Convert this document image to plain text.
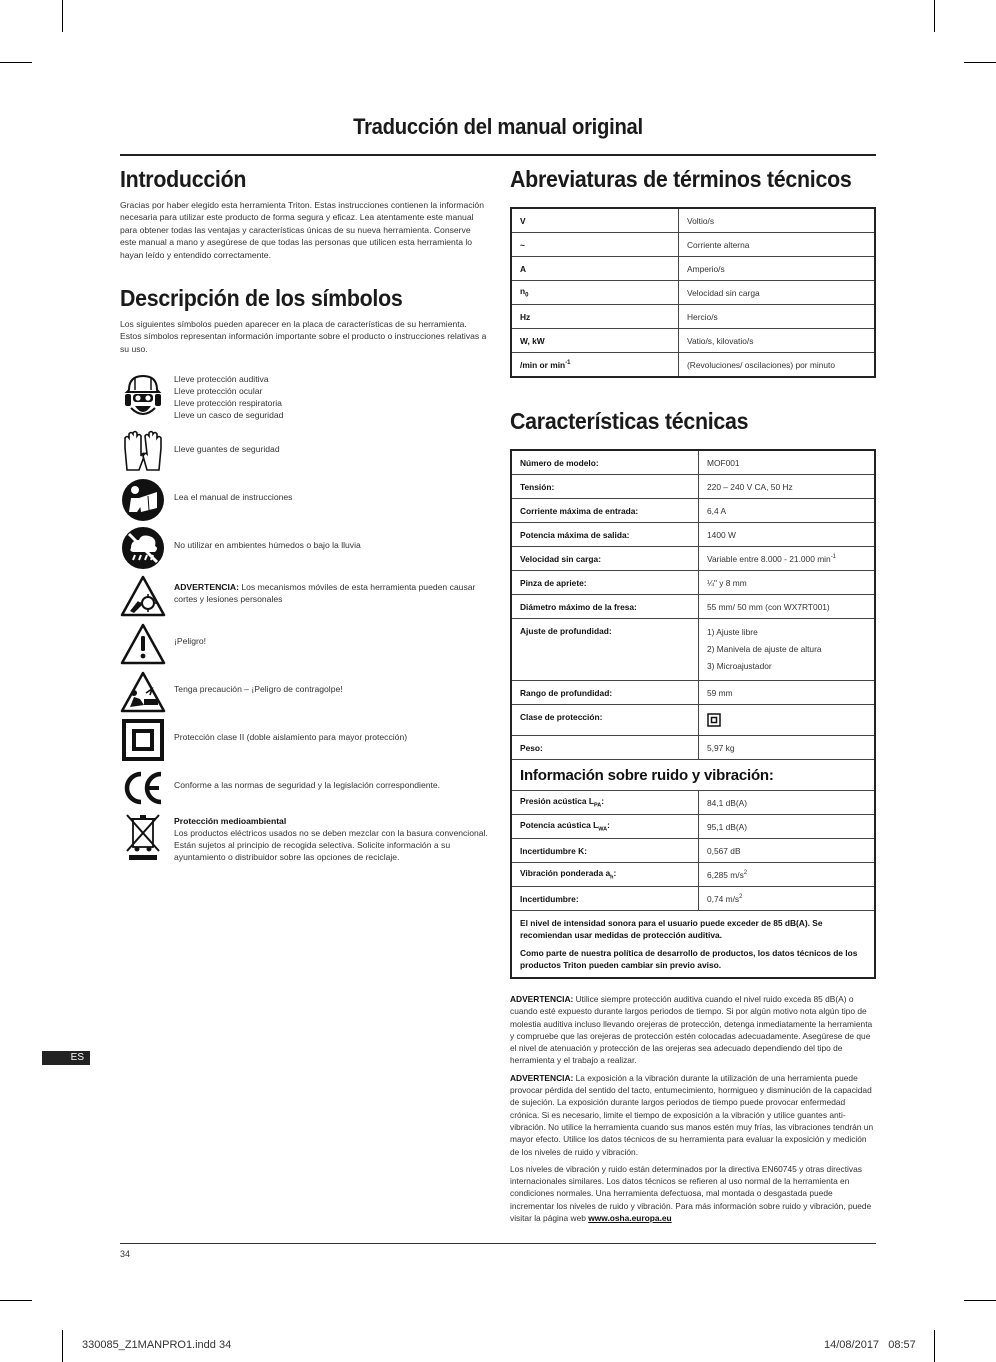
Traducción del manual original
Introducción

Gracias por haber elegido esta herramienta Triton. Estas instrucciones contienen la información necesaria para utilizar este producto de forma segura y eficaz. Lea atentamente este manual para obtener todas las ventajas y características únicas de su nueva herramienta. Conserve este manual a mano y asegúrese de que todas las personas que utilicen esta herramienta lo hayan leído y entendido correctamente.

Descripción de los símbolos

Los siguientes símbolos pueden aparecer en la placa de características de su herramienta. Estos símbolos representan información importante sobre el producto o instrucciones relativas a su uso.

Lleve protección auditiva
Lleve protección ocular
Lleve protección respiratoria
Lleve un casco de seguridad
Lleve guantes de seguridad
Lea el manual de instrucciones
No utilizar en ambientes húmedos o bajo la lluvia
ADVERTENCIA: Los mecanismos móviles de esta herramienta pueden causar cortes y lesiones personales
¡Peligro!
Tenga precaución – ¡Peligro de contragolpe!
Protección clase II (doble aislamiento para mayor protección)
Conforme a las normas de seguridad y la legislación correspondiente.
Protección medioambiental
Los productos eléctricos usados no se deben mezclar con la basura convencional. Están sujetos al principio de recogida selectiva. Solicite información a su ayuntamiento o distribuidor sobre las opciones de reciclaje.
Abreviaturas de términos técnicos
V	Voltio/s
~	Corriente alterna
A	Amperio/s
$n_0$	Velocidad sin carga
Hz	Hercio/s
W, kW	Vatio/s, kilovatio/s
/min or $\min^{-1}$	(Revoluciones/ oscilaciones) por minuto
Características técnicas
Número de modelo:	MOF001
Tensión:	220 – 240 V CA, 50 Hz
Corriente máxima de entrada:	6,4 A
Potencia máxima de salida:	1400 W
Velocidad sin carga:	Variable entre 8.000 - 21.000 $\min^{-1}$
Pinza de apriete:	¼" y 8 mm
Diámetro máximo de la fresa:	55 mm/ 50 mm (con WX7RT001)
Ajuste de profundidad:	1) Ajuste libre
2) Manivela de ajuste de altura
3) Microajustador

Rango de profundidad:	59 mm
Clase de protección:	
Peso:	5,97 kg
Información sobre ruido y vibración:	
Presión acústica $L_{PA}$:	84,1 dB(A)
Potencia acústica $L_{WA}$:	95,1 dB(A)
Incertidumbre K:	0,567 dB
Vibración ponderada $a_h$:	6,285 $m/s^2$
Incertidumbre:	0,74 $m/s^2$

El nivel de intensidad sonora para el usuario puede exceder de 85 dB(A). Se recomiendan usar medidas de protección auditiva.

Como parte de nuestra política de desarrollo de productos, los datos técnicos de los productos Triton pueden cambiar sin previo aviso.	

ADVERTENCIA: Utilice siempre protección auditiva cuando el nivel ruido exceda 85 dB(A) o cuando esté expuesto durante largos periodos de tiempo. Si por algún motivo nota algún tipo de molestia auditiva incluso llevando orejeras de protección, detenga inmediatamente la herramienta y compruebe que las orejeras de protección estén colocadas adecuadamente. Asegúrese de que el nivel de atenuación y protección de las orejeras sea adecuado dependiendo del tipo de herramienta y el trabajo a realizar.

ADVERTENCIA: La exposición a la vibración durante la utilización de una herramienta puede provocar pérdida del sentido del tacto, entumecimiento, hormigueo y disminución de la capacidad de sujeción. La exposición durante largos periodos de tiempo puede provocar enfermedad crónica. Si es necesario, limite el tiempo de exposición a la vibración y utilice guantes anti-vibración. No utilice la herramienta cuando sus manos estén muy frías, las vibraciones tendrán un mayor efecto. Utilice los datos técnicos de su herramienta para evaluar la exposición y medición de los niveles de ruido y vibración.

Los niveles de vibración y ruido están determinados por la directiva EN60745 y otras directivas internacionales similares. Los datos técnicos se refieren al uso normal de la herramienta en condiciones normales. Una herramienta defectuosa, mal montada o desgastada puede incrementar los niveles de ruido y vibración. Para más información sobre ruido y vibración, puede visitar la página web www.osha.europa.eu

ES
34
330085_Z1MANPRO1.indd 34	14/08/2017   08:57
